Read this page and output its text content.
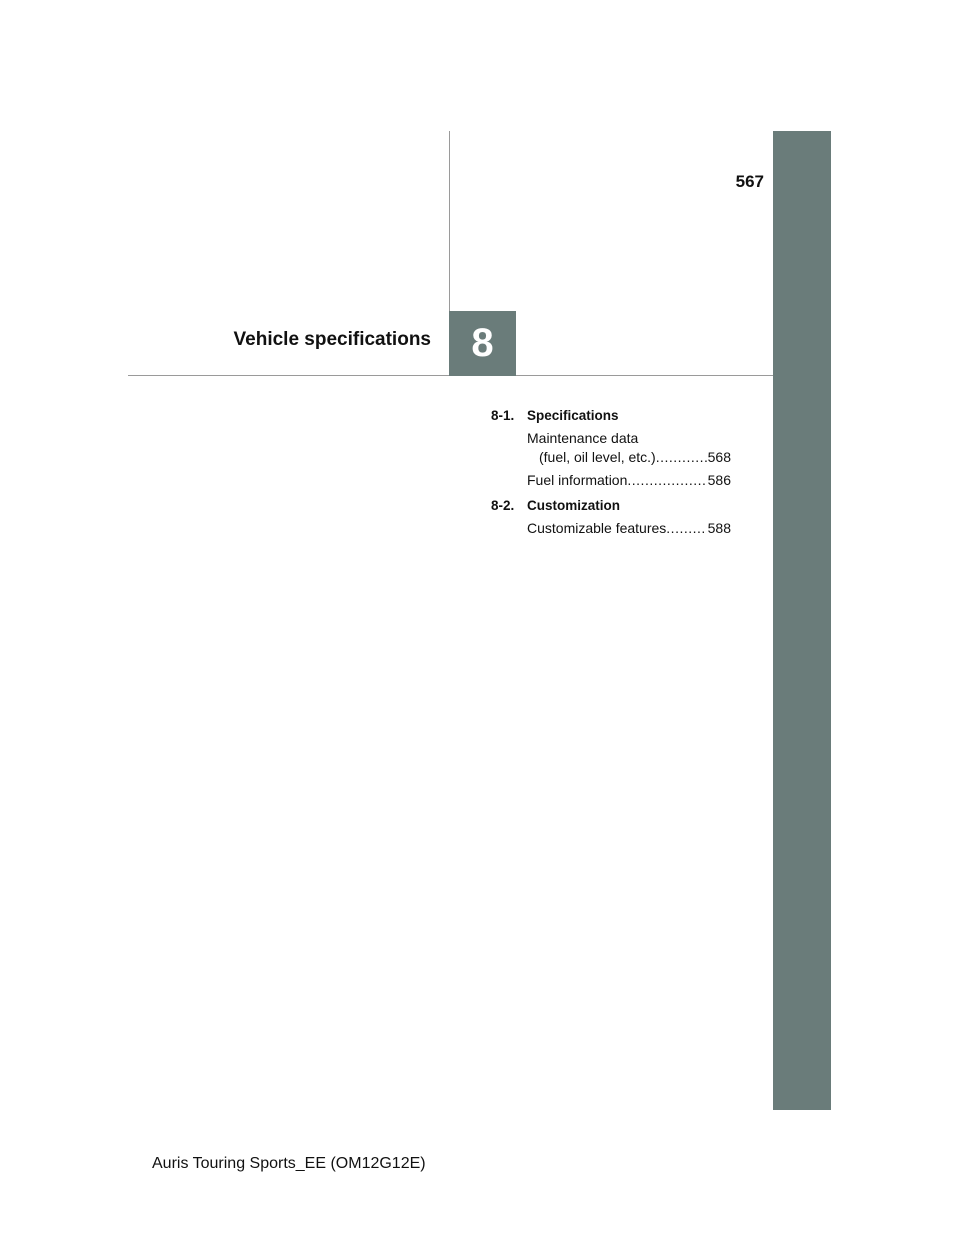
567
Vehicle specifications	8
8-1. Specifications
Maintenance data
(fuel, oil level, etc.) .....	568
Fuel information .....	586
8-2. Customization
Customizable features .....	588
Auris Touring Sports_EE (OM12G12E)
